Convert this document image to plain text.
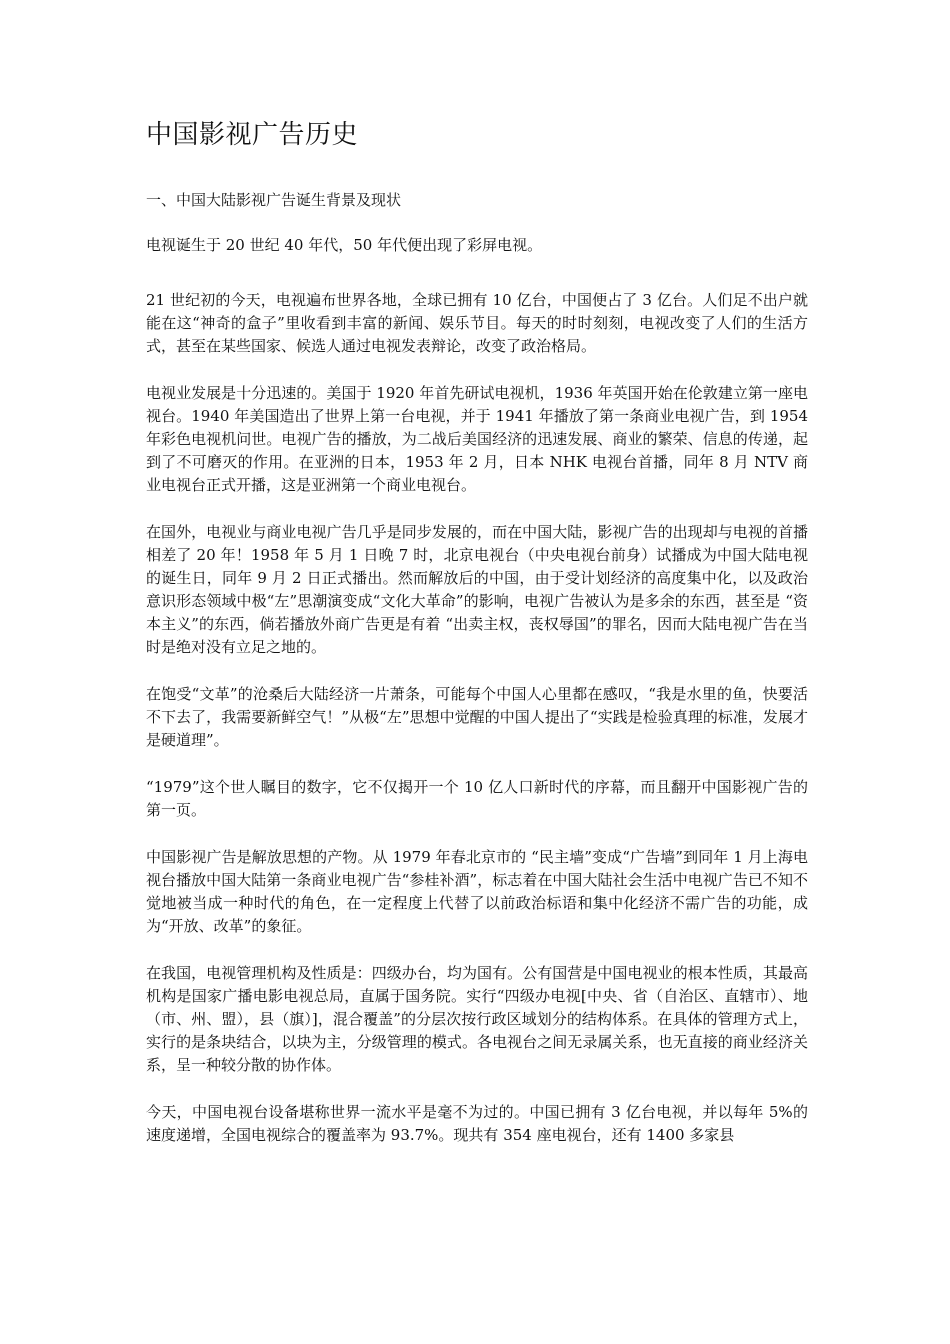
中国影视广告历史
一、中国大陆影视广告诞生背景及现状

电视诞生于 20 世纪 40 年代，50 年代便出现了彩屏电视。

21 世纪初的今天，电视遍布世界各地，全球已拥有 10 亿台，中国便占了 3 亿台。人们足不出户就能在这“神奇的盒子”里收看到丰富的新闻、娱乐节目。每天的时时刻刻，电视改变了人们的生活方式，甚至在某些国家、候选人通过电视发表辩论，改变了政治格局。

电视业发展是十分迅速的。美国于 1920 年首先研试电视机，1936 年英国开始在伦敦建立第一座电视台。1940 年美国造出了世界上第一台电视，并于 1941 年播放了第一条商业电视广告，到 1954 年彩色电视机问世。电视广告的播放，为二战后美国经济的迅速发展、商业的繁荣、信息的传递，起到了不可磨灭的作用。在亚洲的日本，1953 年 2 月，日本 NHK 电视台首播，同年 8 月 NTV 商业电视台正式开播，这是亚洲第一个商业电视台。

在国外，电视业与商业电视广告几乎是同步发展的，而在中国大陆，影视广告的出现却与电视的首播相差了 20 年！1958 年 5 月 1 日晚 7 时，北京电视台（中央电视台前身）试播成为中国大陆电视的诞生日，同年 9 月 2 日正式播出。然而解放后的中国，由于受计划经济的高度集中化，以及政治意识形态领域中极“左”思潮演变成“文化大革命”的影响，电视广告被认为是多余的东西，甚至是 “资本主义”的东西，倘若播放外商广告更是有着 “出卖主权，丧权辱国”的罪名，因而大陆电视广告在当时是绝对没有立足之地的。

在饱受“文革”的沧桑后大陆经济一片萧条，可能每个中国人心里都在感叹，“我是水里的鱼，快要活不下去了，我需要新鲜空气！”从极“左”思想中觉醒的中国人提出了“实践是检验真理的标准，发展才是硬道理”。

“1979”这个世人瞩目的数字，它不仅揭开一个 10 亿人口新时代的序幕，而且翻开中国影视广告的第一页。

中国影视广告是解放思想的产物。从 1979 年春北京市的 “民主墙”变成“广告墙”到同年 1 月上海电视台播放中国大陆第一条商业电视广告“参桂补酒”，标志着在中国大陆社会生活中电视广告已不知不觉地被当成一种时代的角色，在一定程度上代替了以前政治标语和集中化经济不需广告的功能，成为“开放、改革”的象征。

在我国，电视管理机构及性质是：四级办台，均为国有。公有国营是中国电视业的根本性质，其最高机构是国家广播电影电视总局，直属于国务院。实行“四级办电视[中央、省（自治区、直辖市）、地（市、州、盟），县（旗）]，混合覆盖”的分层次按行政区域划分的结构体系。在具体的管理方式上，实行的是条块结合，以块为主，分级管理的模式。各电视台之间无录属关系，也无直接的商业经济关系，呈一种较分散的协作体。

今天，中国电视台设备堪称世界一流水平是毫不为过的。中国已拥有 3 亿台电视，并以每年 5%的速度递增，全国电视综合的覆盖率为 93.7%。现共有 354 座电视台，还有 1400 多家县
